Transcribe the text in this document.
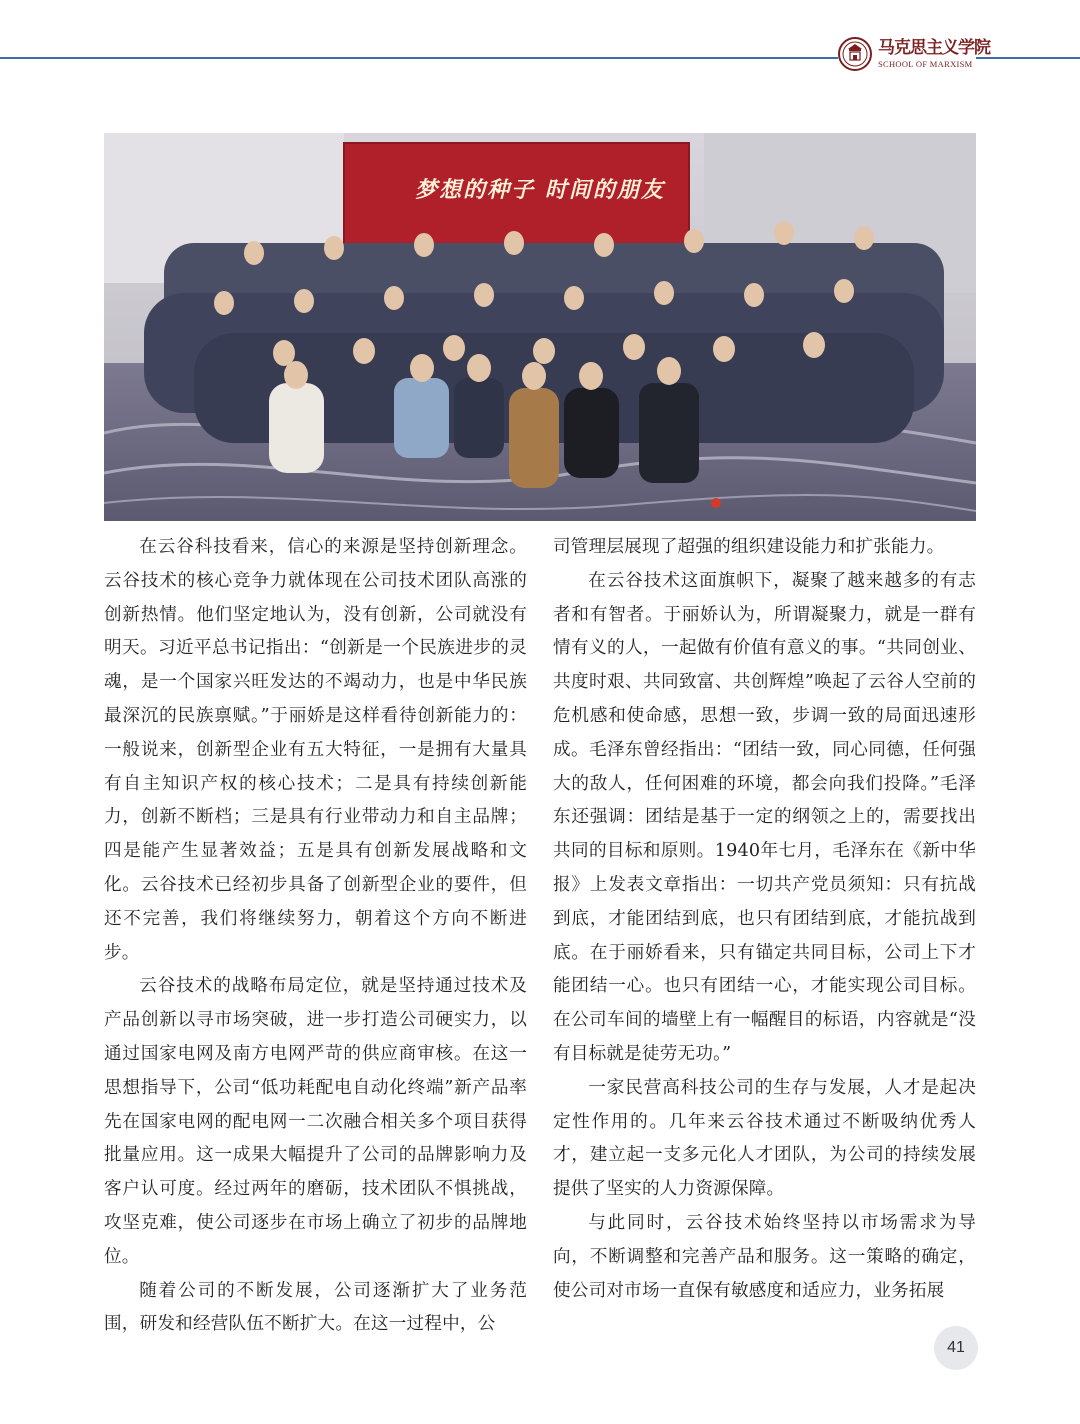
马克思主义学院
SCHOOL OF MARXISM
梦想的种子 时间的朋友

在云谷科技看来，信心的来源是坚持创新理念。云谷技术的核心竞争力就体现在公司技术团队高涨的创新热情。他们坚定地认为，没有创新，公司就没有明天。习近平总书记指出：“创新是一个民族进步的灵魂，是一个国家兴旺发达的不竭动力，也是中华民族最深沉的民族禀赋。”于丽娇是这样看待创新能力的：一般说来，创新型企业有五大特征，一是拥有大量具有自主知识产权的核心技术；二是具有持续创新能力，创新不断档；三是具有行业带动力和自主品牌；四是能产生显著效益；五是具有创新发展战略和文化。云谷技术已经初步具备了创新型企业的要件，但还不完善，我们将继续努力，朝着这个方向不断进步。

云谷技术的战略布局定位，就是坚持通过技术及产品创新以寻市场突破，进一步打造公司硬实力，以通过国家电网及南方电网严苛的供应商审核。在这一思想指导下，公司“低功耗配电自动化终端”新产品率先在国家电网的配电网一二次融合相关多个项目获得批量应用。这一成果大幅提升了公司的品牌影响力及客户认可度。经过两年的磨砺，技术团队不惧挑战，攻坚克难，使公司逐步在市场上确立了初步的品牌地位。

随着公司的不断发展，公司逐渐扩大了业务范围，研发和经营队伍不断扩大。在这一过程中，公

司管理层展现了超强的组织建设能力和扩张能力。

在云谷技术这面旗帜下，凝聚了越来越多的有志者和有智者。于丽娇认为，所谓凝聚力，就是一群有情有义的人，一起做有价值有意义的事。“共同创业、共度时艰、共同致富、共创辉煌”唤起了云谷人空前的危机感和使命感，思想一致，步调一致的局面迅速形成。毛泽东曾经指出：“团结一致，同心同德，任何强大的敌人，任何困难的环境，都会向我们投降。”毛泽东还强调：团结是基于一定的纲领之上的，需要找出共同的目标和原则。1940年七月，毛泽东在《新中华报》上发表文章指出：一切共产党员须知：只有抗战到底，才能团结到底，也只有团结到底，才能抗战到底。在于丽娇看来，只有锚定共同目标，公司上下才能团结一心。也只有团结一心，才能实现公司目标。在公司车间的墙壁上有一幅醒目的标语，内容就是“没有目标就是徒劳无功。”

一家民营高科技公司的生存与发展，人才是起决定性作用的。几年来云谷技术通过不断吸纳优秀人才，建立起一支多元化人才团队，为公司的持续发展提供了坚实的人力资源保障。

与此同时，云谷技术始终坚持以市场需求为导向，不断调整和完善产品和服务。这一策略的确定，使公司对市场一直保有敏感度和适应力，业务拓展

41
